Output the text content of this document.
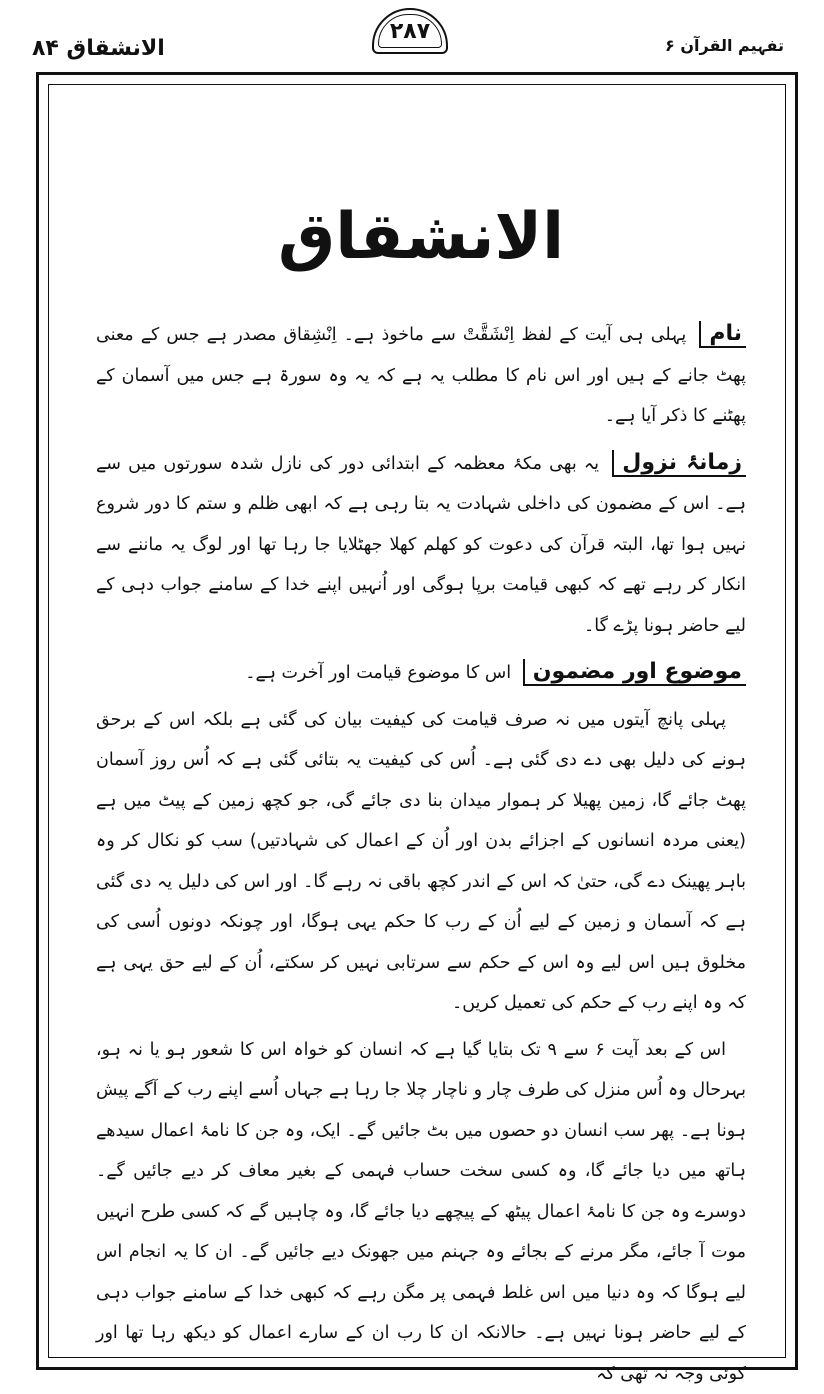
الانشقاق ۸۴
٢٨٧
تفہیم القرآن ۶
الانشقاق

نام پہلی ہی آیت کے لفظ اِنْشَقَّتْ سے ماخوذ ہے۔ اِنْشِقاق مصدر ہے جس کے معنی پھٹ جانے کے ہیں اور اس نام کا مطلب یہ ہے کہ یہ وہ سورۃ ہے جس میں آسمان کے پھٹنے کا ذکر آیا ہے۔

زمانۂ نزول یہ بھی مکۂ معظمہ کے ابتدائی دور کی نازل شدہ سورتوں میں سے ہے۔ اس کے مضمون کی داخلی شہادت یہ بتا رہی ہے کہ ابھی ظلم و ستم کا دور شروع نہیں ہوا تھا، البتہ قرآن کی دعوت کو کھلم کھلا جھٹلایا جا رہا تھا اور لوگ یہ ماننے سے انکار کر رہے تھے کہ کبھی قیامت برپا ہوگی اور اُنہیں اپنے خدا کے سامنے جواب دہی کے لیے حاضر ہونا پڑے گا۔

موضوع اور مضمون اس کا موضوع قیامت اور آخرت ہے۔

پہلی پانچ آیتوں میں نہ صرف قیامت کی کیفیت بیان کی گئی ہے بلکہ اس کے برحق ہونے کی دلیل بھی دے دی گئی ہے۔ اُس کی کیفیت یہ بتائی گئی ہے کہ اُس روز آسمان پھٹ جائے گا، زمین پھیلا کر ہموار میدان بنا دی جائے گی، جو کچھ زمین کے پیٹ میں ہے (یعنی مردہ انسانوں کے اجزائے بدن اور اُن کے اعمال کی شہادتیں) سب کو نکال کر وہ باہر پھینک دے گی، حتیٰ کہ اس کے اندر کچھ باقی نہ رہے گا۔ اور اس کی دلیل یہ دی گئی ہے کہ آسمان و زمین کے لیے اُن کے رب کا حکم یہی ہوگا، اور چونکہ دونوں اُسی کی مخلوق ہیں اس لیے وہ اس کے حکم سے سرتابی نہیں کر سکتے، اُن کے لیے حق یہی ہے کہ وہ اپنے رب کے حکم کی تعمیل کریں۔

اس کے بعد آیت ۶ سے ۹ تک بتایا گیا ہے کہ انسان کو خواہ اس کا شعور ہو یا نہ ہو، بہرحال وہ اُس منزل کی طرف چار و ناچار چلا جا رہا ہے جہاں اُسے اپنے رب کے آگے پیش ہونا ہے۔ پھر سب انسان دو حصوں میں بٹ جائیں گے۔ ایک، وہ جن کا نامۂ اعمال سیدھے ہاتھ میں دیا جائے گا، وہ کسی سخت حساب فہمی کے بغیر معاف کر دیے جائیں گے۔ دوسرے وہ جن کا نامۂ اعمال پیٹھ کے پیچھے دیا جائے گا، وہ چاہیں گے کہ کسی طرح انہیں موت آ جائے، مگر مرنے کے بجائے وہ جہنم میں جھونک دیے جائیں گے۔ ان کا یہ انجام اس لیے ہوگا کہ وہ دنیا میں اس غلط فہمی پر مگن رہے کہ کبھی خدا کے سامنے جواب دہی کے لیے حاضر ہونا نہیں ہے۔ حالانکہ ان کا رب ان کے سارے اعمال کو دیکھ رہا تھا اور کوئی وجہ نہ تھی کہ
